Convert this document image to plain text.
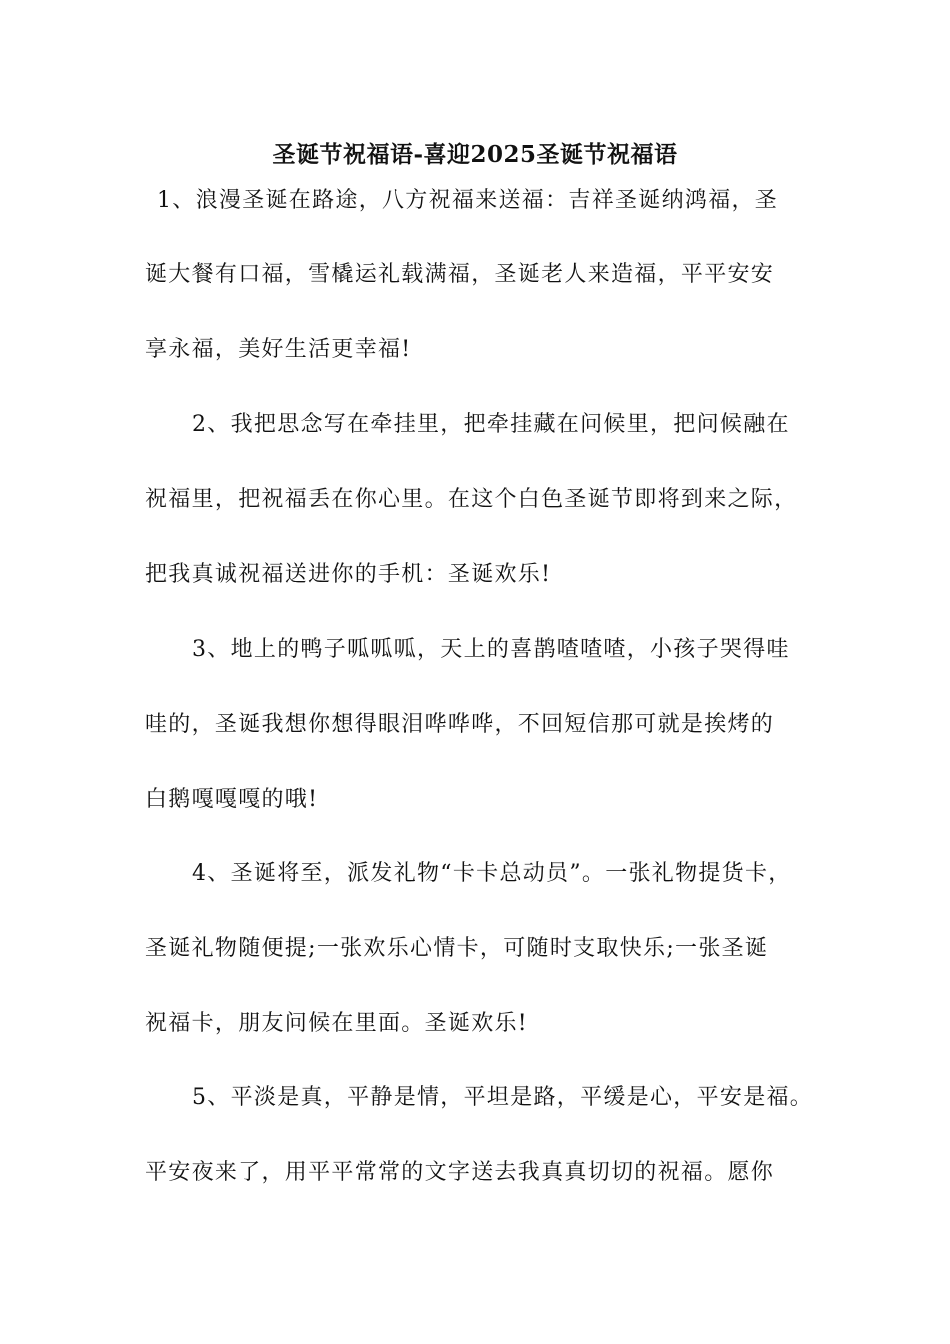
圣诞节祝福语-喜迎2025圣诞节祝福语
1、浪漫圣诞在路途，八方祝福来送福：吉祥圣诞纳鸿福，圣
诞大餐有口福，雪橇运礼载满福，圣诞老人来造福，平平安安
享永福，美好生活更幸福!
2、我把思念写在牵挂里，把牵挂藏在问候里，把问候融在
祝福里，把祝福丢在你心里。在这个白色圣诞节即将到来之际，
把我真诚祝福送进你的手机：圣诞欢乐!
3、地上的鸭子呱呱呱，天上的喜鹊喳喳喳，小孩子哭得哇
哇的，圣诞我想你想得眼泪哗哗哗，不回短信那可就是挨烤的
白鹅嘎嘎嘎的哦!
4、圣诞将至，派发礼物“卡卡总动员”。一张礼物提货卡，
圣诞礼物随便提;一张欢乐心情卡，可随时支取快乐;一张圣诞
祝福卡，朋友问候在里面。圣诞欢乐!
5、平淡是真，平静是情，平坦是路，平缓是心，平安是福。
平安夜来了，用平平常常的文字送去我真真切切的祝福。愿你
